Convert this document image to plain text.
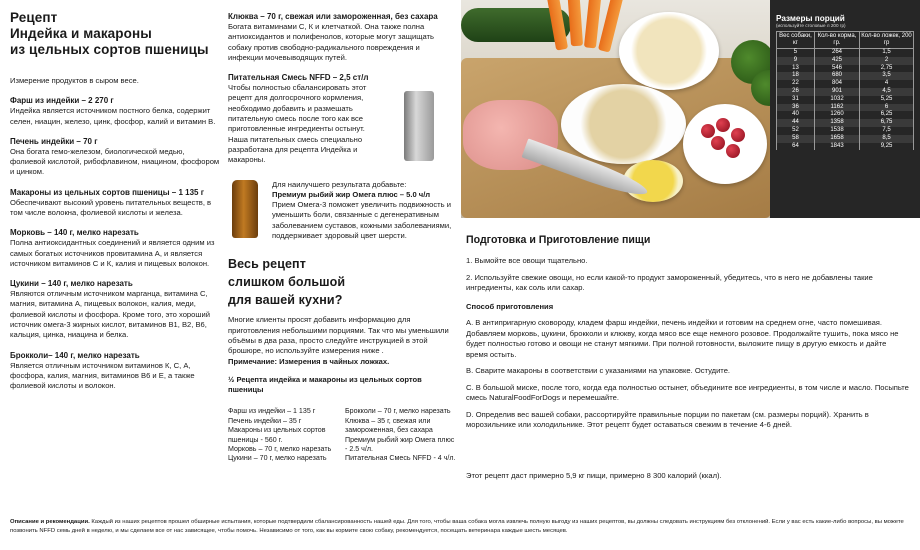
Рецепт
Индейка и макароны
из цельных сортов пшеницы
Измерение продуктов в сыром весе.
Фарш из индейки – 2 270 г
Индейка является источником постного белка, содержит селен, ниацин, железо, цинк, фосфор, калий и витамин В.
Печень индейки – 70 г
Она богата гемо-железом, биологической медью, фолиевой кислотой, рибофлавином, ниацином, фосфором и цинком.
Макароны из цельных сортов пшеницы – 1 135 г
Обеспечивают высокий уровень питательных веществ, в том числе волокна, фолиевой кислоты и железа.
Морковь – 140 г, мелко нарезать
Полна антиоксидантных соединений и является одним из самых богатых источников провитамина А, и является источником витаминов С и К, калия и пищевых волокон.
Цукини – 140 г, мелко нарезать
Являются отличным источником марганца, витамина С, магния, витамина А, пищевых волокон, калия, меди, фолиевой кислоты и фосфора. Кроме того, это хороший источник омега-3 жирных кислот, витаминов В1, В2, В6, кальция, цинка, ниацина и белка.
Брокколи– 140 г, мелко нарезать
Является отличным источником витаминов К, С, А, фосфора, калия, магния, витаминов В6 и Е, а также фолиевой кислоты и волокон.
Клюква – 70 г, свежая или замороженная, без сахара
Богата витаминами С, К и клетчаткой. Она также полна антиоксидантов и полифенолов, которые могут защищать собаку против свободно-радикального повреждения и инфекции мочевыводящих путей.
Питательная Смесь NFFD – 2,5 ст/л
Чтобы полностью сбалансировать этот рецепт для долгосрочного кормления, необходимо добавить и размешать питательную смесь после того как все приготовленные ингредиенты остынут. Наша питательных смесь специально разработана для рецепта Индейка и макароны.
Для наилучшего результата добавьте:
Премиум рыбий жир Омега плюс – 5.0 ч/л
Прием Омега-3 поможет увеличить подвижность и уменьшить боли, связанные с дегенеративным заболеванием суставов, кожными заболеваниями, поддерживает здоровый цвет шерсти.
Весь рецепт
слишком большой
для вашей кухни?
Многие клиенты просят добавить информацию для приготовления небольшими порциями. Так что мы уменьшили объёмы в два раза, просто следуйте инструкцией в этой брошюре, но используйте измерения ниже .
Примечание: Измерения в чайных ложках.
½ Рецепта индейка и макароны из цельных сортов пшеницы
Фарш из индейки – 1 135 г
Печень индейки – 35 г
Макароны из цельных сортов пшеницы - 560 г.
Морковь – 70 г, мелко нарезать
Цукини – 70 г, мелко нарезать
Брокколи – 70 г, мелко нарезать
Клюква – 35 г, свежая или замороженная, без сахара
Премиум рыбий жир Омега плюс - 2.5 ч/л.
Питательная Смесь NFFD - 4 ч/л.
Размеры порций
(используйте столовые л 200 гр)
Вес собаки, кг	Кол-во корма, гр.	Кол-во ложек, 200 гр
5	264	1,5
9	425	2
13	546	2,75
18	680	3,5
22	804	4
26	901	4,5
31	1032	5,25
36	1162	6
40	1260	6,25
44	1358	6,75
52	1538	7,5
58	1658	8,5
64	1843	9,25
Подготовка и Приготовление пищи

1. Вымойте все овощи тщательно.

2. Используйте свежие овощи, но если какой-то продукт замороженный, убедитесь, что в него не добавлены такие ингредиенты, как соль или сахар.

Способ приготовления

А. В антипригарную сковороду, кладем фарш индейки, печень индейки и готовим на среднем огне, часто помешивая. Добавляем морковь, цукини, брокколи и клюкву, когда мясо все еще немного розовое. Продолжайте тушить, пока мясо не будет полностью готово и овощи не станут мягкими. При полной готовности, выложите пищу в другую емкость и дайте время остыть.

В. Сварите макароны в соответствии с указаниями на упаковке. Остудите.

С. В большой миске, после того, когда еда полностью остынет, объедините все ингредиенты, в том числе и масло. Посыпьте смесь NaturalFoodForDogs и перемешайте.

D. Определив вес вашей собаки, рассортируйте правильные порции по пакетам (см. размеры порций). Хранить в морозильнике или холодильнике. Этот рецепт будет оставаться свежим в течение 4-6 дней.

Этот рецепт даст примерно 5,9 кг пищи, примерно 8 300 калорий (ккал).
Описание и рекомендации. Каждый из наших рецептов прошел обширные испытания, которые подтвердили сбалансированность нашей еды. Для того, чтобы ваша собака могла извлечь полную выгоду из наших рецептов, вы должны следовать инструкциям без отклонений. Если у вас есть какие-либо вопросы, вы можете позвонить NFFD семь дней в неделю, и мы сделаем все от нас зависящее, чтобы помочь. Независимо от того, как вы кормите свою собаку, рекомендуется, посещать ветеринара каждые шесть месяцев.
